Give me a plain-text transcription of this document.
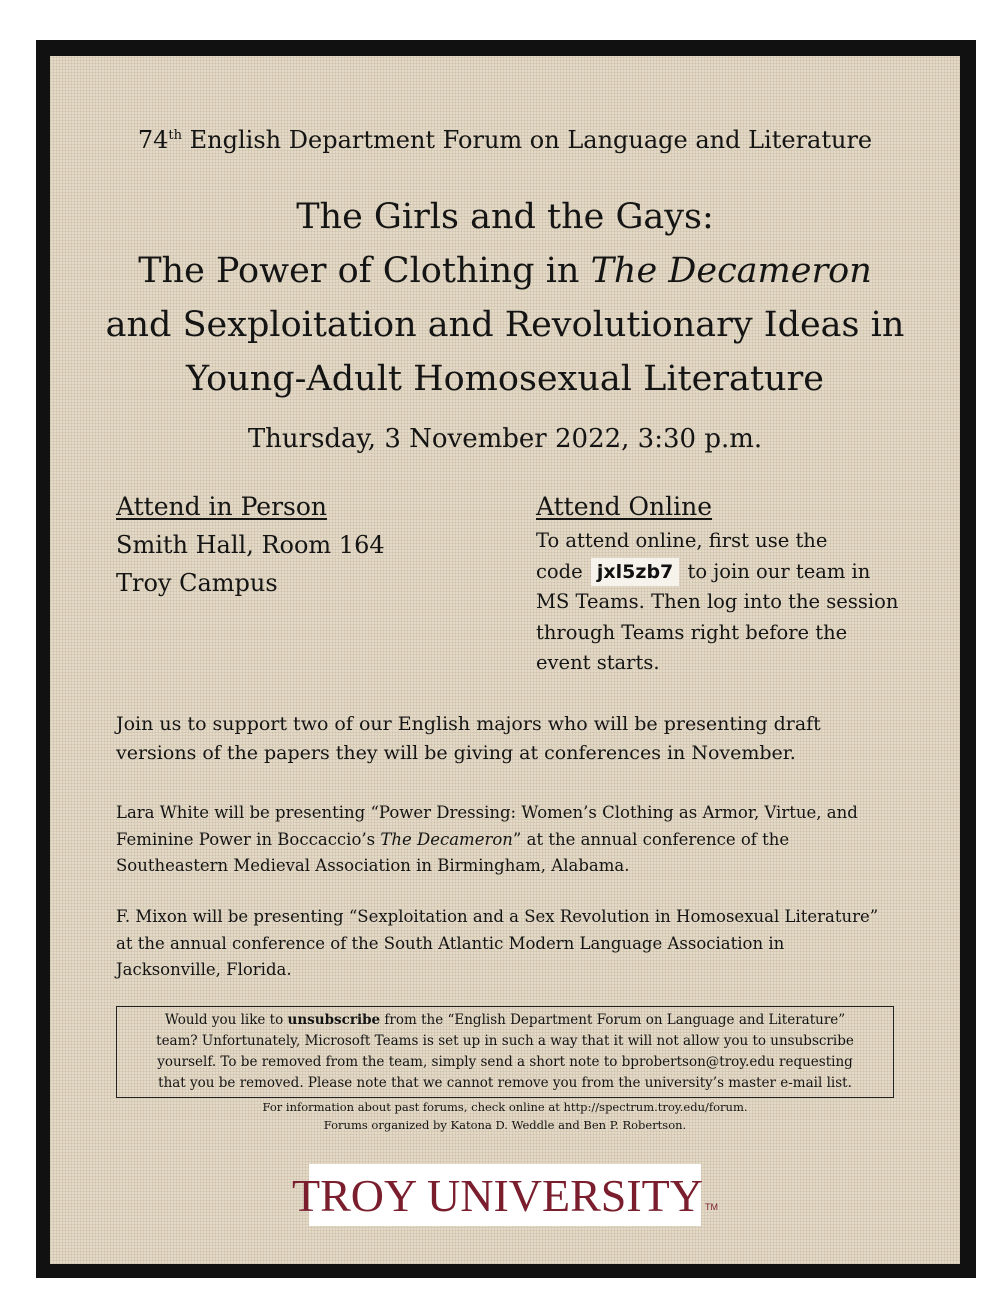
74th English Department Forum on Language and Literature
The Girls and the Gays:
The Power of Clothing in The Decameron
and Sexploitation and Revolutionary Ideas in
Young-Adult Homosexual Literature
Thursday, 3 November 2022, 3:30 p.m.
Attend in Person
Smith Hall, Room 164
Troy Campus
Attend Online
To attend online, first use the
code jxl5zb7 to join our team in
MS Teams. Then log into the session
through Teams right before the
event starts.
Join us to support two of our English majors who will be presenting draft
versions of the papers they will be giving at conferences in November.
Lara White will be presenting “Power Dressing: Women’s Clothing as Armor, Virtue, and
Feminine Power in Boccaccio’s The Decameron” at the annual conference of the
Southeastern Medieval Association in Birmingham, Alabama.
F. Mixon will be presenting “Sexploitation and a Sex Revolution in Homosexual Literature”
at the annual conference of the South Atlantic Modern Language Association in
Jacksonville, Florida.
Would you like to unsubscribe from the “English Department Forum on Language and Literature”
team? Unfortunately, Microsoft Teams is set up in such a way that it will not allow you to unsubscribe
yourself. To be removed from the team, simply send a short note to bprobertson@troy.edu requesting
that you be removed. Please note that we cannot remove you from the university’s master e-mail list.
For information about past forums, check online at http://spectrum.troy.edu/forum.
Forums organized by Katona D. Weddle and Ben P. Robertson.
TROY UNIVERSITY TM
